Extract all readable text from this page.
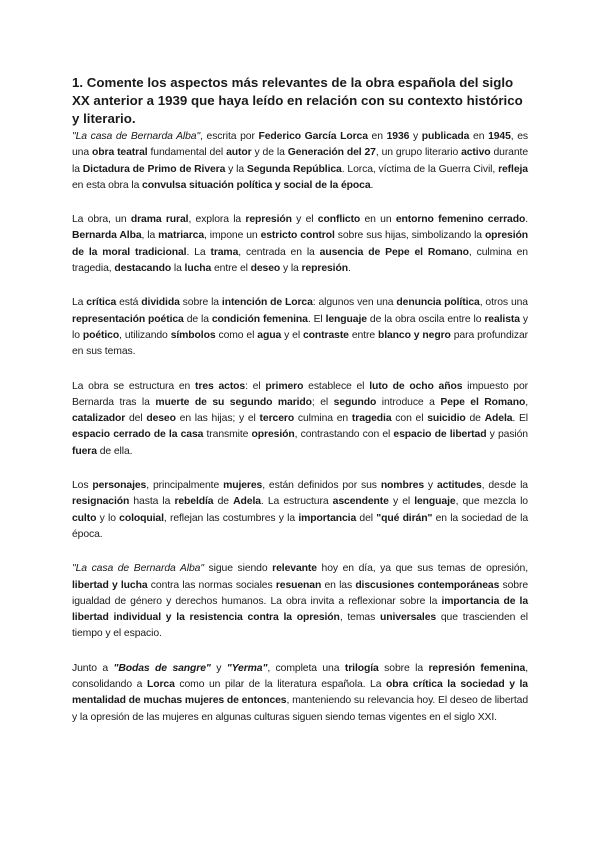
1. Comente los aspectos más relevantes de la obra española del siglo XX anterior a 1939 que haya leído en relación con su contexto histórico y literario.

"La casa de Bernarda Alba", escrita por Federico García Lorca en 1936 y publicada en 1945, es una obra teatral fundamental del autor y de la Generación del 27, un grupo literario activo durante la Dictadura de Primo de Rivera y la Segunda República. Lorca, víctima de la Guerra Civil, refleja en esta obra la convulsa situación política y social de la época.

La obra, un drama rural, explora la represión y el conflicto en un entorno femenino cerrado. Bernarda Alba, la matriarca, impone un estricto control sobre sus hijas, simbolizando la opresión de la moral tradicional. La trama, centrada en la ausencia de Pepe el Romano, culmina en tragedia, destacando la lucha entre el deseo y la represión.

La crítica está dividida sobre la intención de Lorca: algunos ven una denuncia política, otros una representación poética de la condición femenina. El lenguaje de la obra oscila entre lo realista y lo poético, utilizando símbolos como el agua y el contraste entre blanco y negro para profundizar en sus temas.

La obra se estructura en tres actos: el primero establece el luto de ocho años impuesto por Bernarda tras la muerte de su segundo marido; el segundo introduce a Pepe el Romano, catalizador del deseo en las hijas; y el tercero culmina en tragedia con el suicidio de Adela. El espacio cerrado de la casa transmite opresión, contrastando con el espacio de libertad y pasión fuera de ella.

Los personajes, principalmente mujeres, están definidos por sus nombres y actitudes, desde la resignación hasta la rebeldía de Adela. La estructura ascendente y el lenguaje, que mezcla lo culto y lo coloquial, reflejan las costumbres y la importancia del "qué dirán" en la sociedad de la época.

"La casa de Bernarda Alba" sigue siendo relevante hoy en día, ya que sus temas de opresión, libertad y lucha contra las normas sociales resuenan en las discusiones contemporáneas sobre igualdad de género y derechos humanos. La obra invita a reflexionar sobre la importancia de la libertad individual y la resistencia contra la opresión, temas universales que trascienden el tiempo y el espacio.

Junto a "Bodas de sangre" y "Yerma", completa una trilogía sobre la represión femenina, consolidando a Lorca como un pilar de la literatura española. La obra crítica la sociedad y la mentalidad de muchas mujeres de entonces, manteniendo su relevancia hoy. El deseo de libertad y la opresión de las mujeres en algunas culturas siguen siendo temas vigentes en el siglo XXI.
